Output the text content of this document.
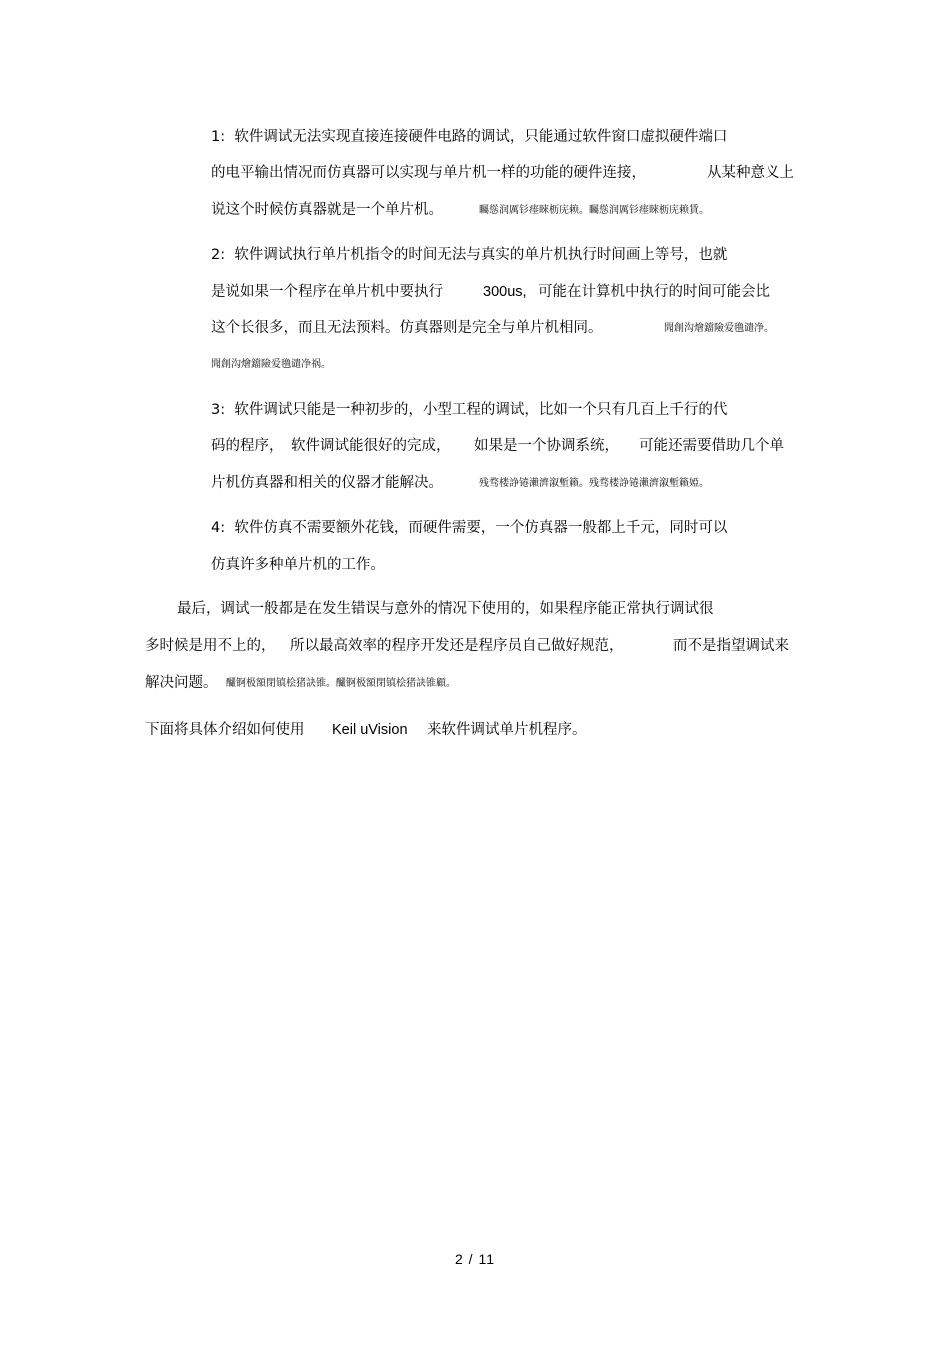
1:  软件调试无法实现直接连接硬件电路的调试，只能通过软件窗口虚拟硬件端口
的电平输出情况而仿真器可以实现与单片机一样的功能的硬件连接，	从某种意义上
说这个时候仿真器就是一个单片机。	矚慫润厲钐瘗睞枥庑赖。矚慫润厲钐瘗睞枥庑赖賃。
2:  软件调试执行单片机指令的时间无法与真实的单片机执行时间画上等号，也就
是说如果一个程序在单片机中要执行	300us, 可能在计算机中执行的时间可能会比
这个长很多，而且无法预料。仿真器则是完全与单片机相同。	聞創沟燴鐺險爱氇谴净。
聞創沟燴鐺險爱氇谴净祸。
3:  软件调试只能是一种初步的，小型工程的调试，比如一个只有几百上千行的代
码的程序， 软件调试能很好的完成， 如果是一个协调系统， 可能还需要借助几个单
片机仿真器和相关的仪器才能解决。	残骛楼諍锩瀨濟溆塹籟。残骛楼諍锩瀨濟溆塹籟婭。
4:  软件仿真不需要额外花钱，而硬件需要，一个仿真器一般都上千元，同时可以
仿真许多种单片机的工作。
最后，调试一般都是在发生错误与意外的情况下使用的，如果程序能正常执行调试很
多时候是用不上的， 所以最高效率的程序开发还是程序员自己做好规范，	而不是指望调试来
解决问题。 釅锕极額閉镇桧猪訣锥。釅锕极額閉镇桧猪訣锥顧。
下面将具体介绍如何使用 Keil uVision 来软件调试单片机程序。
2 / 11
